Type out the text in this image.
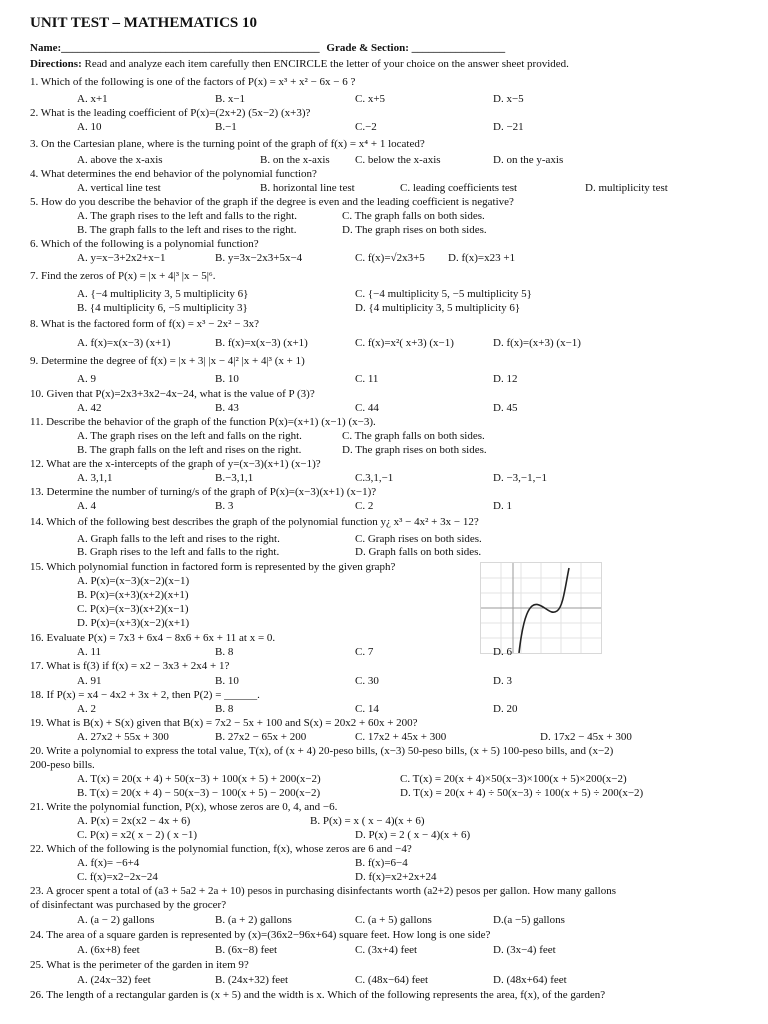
UNIT TEST – MATHEMATICS 10
Name:_______________________________________________ Grade & Section: _________________
Directions: Read and analyze each item carefully then ENCIRCLE the letter of your choice on the answer sheet provided.
1. Which of the following is one of the factors of P(x) = x³ + x² − 6x − 6 ?
A. x+1	B. x−1	C. x+5	D. x−5
2. What is the leading coefficient of P(x)=(2x+2) (5x−2) (x+3)?
A. 10	B.−1	C.−2	D. −21
3. On the Cartesian plane, where is the turning point of the graph of f(x) = x⁴ + 1 located?
A. above the x-axis	B. on the x-axis C. below the x-axis	D. on the y-axis
4. What determines the end behavior of the polynomial function?
A. vertical line test	B. horizontal line test	C. leading coefficients test	D. multiplicity test
5. How do you describe the behavior of the graph if the degree is even and the leading coefficient is negative?
A. The graph rises to the left and falls to the right.	C. The graph falls on both sides.
B. The graph falls to the left and rises to the right.	D. The graph rises on both sides.
6. Which of the following is a polynomial function?
A. y=x−3+2x2+x−1	B. y=3x−2x3+5x−4	C. f(x)=√2x3+5 D. f(x)=x23 +1
7. Find the zeros of P(x) = |x + 4|³ |x − 5|⁶.
A. {−4 multiplicity 3, 5 multiplicity 6}	C. {−4 multiplicity 5, −5 multiplicity 5}
B. {4 multiplicity 6, −5 multiplicity 3}	D. {4 multiplicity 3, 5 multiplicity 6}
8. What is the factored form of f(x) = x³ − 2x² − 3x?
A. f(x)=x(x−3) (x+1)	B. f(x)=x(x−3) (x+1)	C. f(x)=x²( x+3) (x−1)	D. f(x)=(x+3) (x−1)
9. Determine the degree of f(x) = |x + 3| |x − 4|² |x + 4|³ (x + 1)
A. 9	B. 10	C. 11	D. 12
10. Given that P(x)=2x3+3x2−4x−24, what is the value of P (3)?
A. 42	B. 43	C. 44	D. 45
11. Describe the behavior of the graph of the function P(x)=(x+1) (x−1) (x−3).
A. The graph rises on the left and falls on the right.	C. The graph falls on both sides.
B. The graph falls on the left and rises on the right.	D. The graph rises on both sides.
12. What are the x-intercepts of the graph of y=(x−3)(x+1) (x−1)?
A. 3,1,1	B.−3,1,1	C.3,1,−1	D. −3,−1,−1
13. Determine the number of turning/s of the graph of P(x)=(x−3)(x+1) (x−1)?
A. 4	B. 3	C. 2	D. 1
14. Which of the following best describes the graph of the polynomial function y¿ x³ − 4x² + 3x − 12?
A. Graph falls to the left and rises to the right.	C. Graph rises on both sides.
B. Graph rises to the left and falls to the right.	D. Graph falls on both sides.
15. Which polynomial function in factored form is represented by the given graph?
A. P(x)=(x−3)(x−2)(x−1)
B. P(x)=(x+3)(x+2)(x+1)
C. P(x)=(x−3)(x+2)(x−1)
D. P(x)=(x+3)(x−2)(x+1)
16. Evaluate P(x) = 7x3 + 6x4 − 8x6 + 6x + 11 at x = 0.
A. 11	B. 8	C. 7	D. 6
17. What is f(3) if f(x) = x2 − 3x3 + 2x4 + 1?
A. 91	B. 10	C. 30	D. 3
18. If P(x) = x4 − 4x2 + 3x + 2, then P(2) = ______.
A. 2	B. 8	C. 14	D. 20
19. What is B(x) + S(x) given that B(x) = 7x2 − 5x + 100 and S(x) = 20x2 + 60x + 200?
A. 27x2 + 55x + 300	B. 27x2 − 65x + 200	C. 17x2 + 45x + 300	D. 17x2 − 45x + 300
20. Write a polynomial to express the total value, T(x), of (x + 4) 20-peso bills, (x−3) 50-peso bills, (x + 5) 100-peso bills, and (x−2)
200-peso bills.
A. T(x) = 20(x + 4) + 50(x−3) + 100(x + 5) + 200(x−2)	C. T(x) = 20(x + 4)×50(x−3)×100(x + 5)×200(x−2)
B. T(x) = 20(x + 4) − 50(x−3) − 100(x + 5) − 200(x−2)	D. T(x) = 20(x + 4) ÷ 50(x−3) ÷ 100(x + 5) ÷ 200(x−2)
21. Write the polynomial function, P(x), whose zeros are 0, 4, and −6.
A. P(x) = 2x(x2 − 4x + 6)	B. P(x) = x ( x − 4)(x + 6)
C. P(x) = x2( x − 2) ( x −1)	D. P(x) = 2 ( x − 4)(x + 6)
22. Which of the following is the polynomial function, f(x), whose zeros are 6 and −4?
A. f(x)= −6+4	B. f(x)=6−4
C. f(x)=x2−2x−24	D. f(x)=x2+2x+24
23. A grocer spent a total of (a3 + 5a2 + 2a + 10) pesos in purchasing disinfectants worth (a2+2) pesos per gallon. How many gallons
of disinfectant was purchased by the grocer?
A. (a − 2) gallons	B. (a + 2) gallons	C. (a + 5) gallons	D.(a −5) gallons
24. The area of a square garden is represented by (x)=(36x2−96x+64) square feet. How long is one side?
A. (6x+8) feet	B. (6x−8) feet	C. (3x+4) feet	D. (3x−4) feet
25. What is the perimeter of the garden in item 9?
A. (24x−32) feet	B. (24x+32) feet	C. (48x−64) feet	D. (48x+64) feet
26. The length of a rectangular garden is (x + 5) and the width is x. Which of the following represents the area, f(x), of the garden?
